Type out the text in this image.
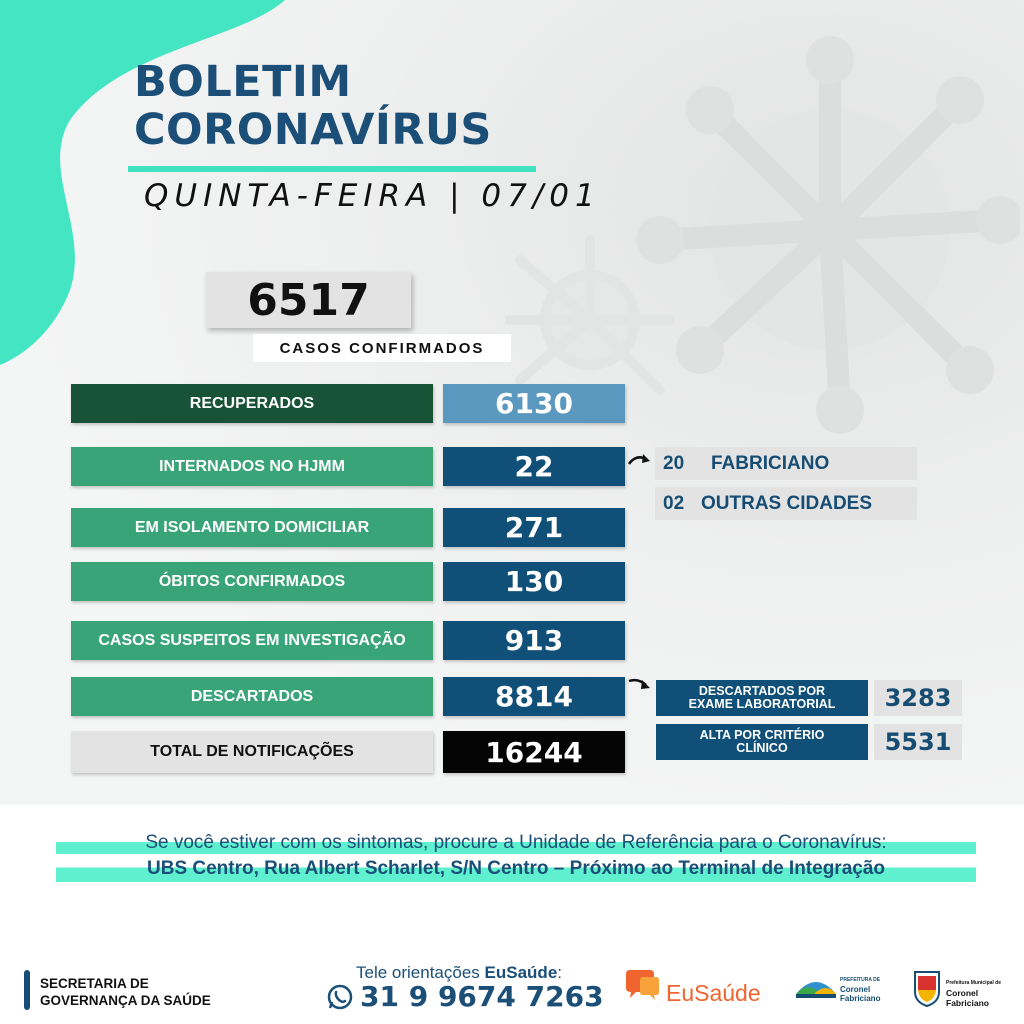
BOLETIM
CORONAVÍRUS
QUINTA-FEIRA | 07/01
6517
CASOS CONFIRMADOS
RECUPERADOS	6130
INTERNADOS NO HJMM	22
EM ISOLAMENTO DOMICILIAR	271
ÓBITOS CONFIRMADOS	130
CASOS SUSPEITOS EM INVESTIGAÇÃO	913
DESCARTADOS	8814
TOTAL DE NOTIFICAÇÕES	16244
20	FABRICIANO
02 OUTRAS CIDADES
DESCARTADOS POR
EXAME LABORATORIAL	3283
ALTA POR CRITÉRIO
CLÍNICO	5531
Se você estiver com os sintomas, procure a Unidade de Referência para o Coronavírus:
UBS Centro, Rua Albert Scharlet, S/N Centro – Próximo ao Terminal de Integração
SECRETARIA DE
GOVERNANÇA DA SAÚDE
Tele orientações EuSaúde:
31 9 9674 7263	EuSaúde	PREFEITURA DE
Coronel
Fabriciano
Prefeitura Municipal de
Coronel
Fabriciano
